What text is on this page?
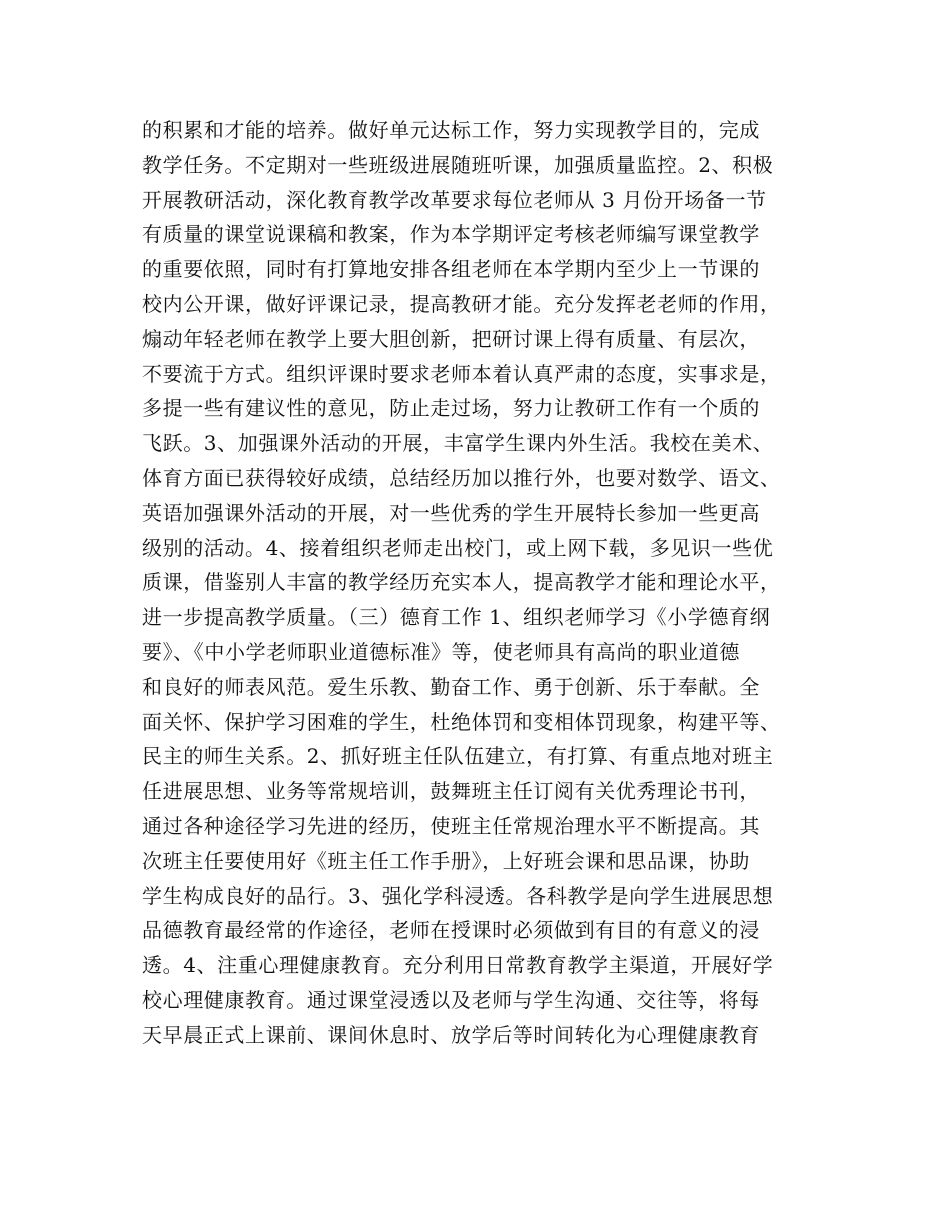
的积累和才能的培养。做好单元达标工作，努力实现教学目的，完成
教学任务。不定期对一些班级进展随班听课，加强质量监控。2、积极
开展教研活动，深化教育教学改革要求每位老师从 3 月份开场备一节
有质量的课堂说课稿和教案，作为本学期评定考核老师编写课堂教学
的重要依照，同时有打算地安排各组老师在本学期内至少上一节课的
校内公开课，做好评课记录，提高教研才能。充分发挥老老师的作用，
煽动年轻老师在教学上要大胆创新，把研讨课上得有质量、有层次，
不要流于方式。组织评课时要求老师本着认真严肃的态度，实事求是，
多提一些有建议性的意见，防止走过场，努力让教研工作有一个质的
飞跃。3、加强课外活动的开展，丰富学生课内外生活。我校在美术、
体育方面已获得较好成绩，总结经历加以推行外，也要对数学、语文、
英语加强课外活动的开展，对一些优秀的学生开展特长参加一些更高
级别的活动。4、接着组织老师走出校门，或上网下载，多见识一些优
质课，借鉴别人丰富的教学经历充实本人，提高教学才能和理论水平，
进一步提高教学质量。（三）德育工作 1、组织老师学习《小学德育纲
要》、《中小学老师职业道德标准》等，使老师具有高尚的职业道德
和良好的师表风范。爱生乐教、勤奋工作、勇于创新、乐于奉献。全
面关怀、保护学习困难的学生，杜绝体罚和变相体罚现象，构建平等、
民主的师生关系。2、抓好班主任队伍建立，有打算、有重点地对班主
任进展思想、业务等常规培训，鼓舞班主任订阅有关优秀理论书刊，
通过各种途径学习先进的经历，使班主任常规治理水平不断提高。其
次班主任要使用好《班主任工作手册》，上好班会课和思品课，协助
学生构成良好的品行。3、强化学科浸透。各科教学是向学生进展思想
品德教育最经常的作途径，老师在授课时必须做到有目的有意义的浸
透。4、注重心理健康教育。充分利用日常教育教学主渠道，开展好学
校心理健康教育。通过课堂浸透以及老师与学生沟通、交往等，将每
天早晨正式上课前、课间休息时、放学后等时间转化为心理健康教育
